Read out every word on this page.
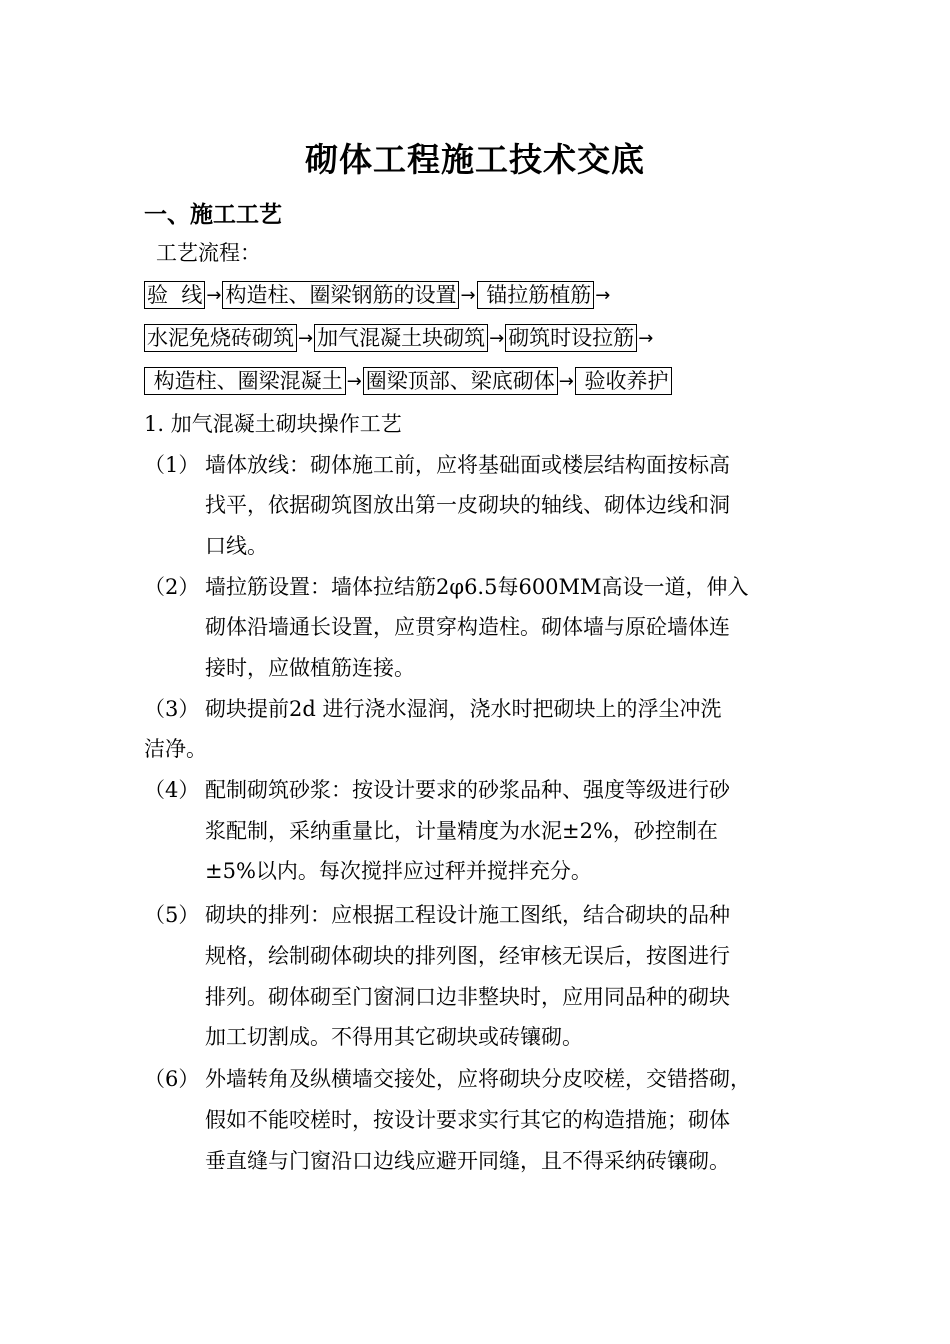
砌体工程施工技术交底
一、施工工艺
工艺流程：
验  线 → 构造柱、圈梁钢筋的设置 → 锚拉筋植筋 →
水泥免烧砖砌筑 → 加气混凝土块砌筑 → 砌筑时设拉筋 →
构造柱、圈梁混凝土 → 圈梁顶部、梁底砌体 → 验收养护
1. 加气混凝土砌块操作工艺
（1） 墙体放线：砌体施工前，应将基础面或楼层结构面按标高
找平，依据砌筑图放出第一皮砌块的轴线、砌体边线和洞
口线。
（2） 墙拉筋设置：墙体拉结筋2φ6.5每600MM高设一道，伸入
砌体沿墙通长设置，应贯穿构造柱。砌体墙与原砼墙体连
接时，应做植筋连接。
（3） 砌块提前2d 进行浇水湿润，浇水时把砌块上的浮尘冲洗
洁净。
（4） 配制砌筑砂浆：按设计要求的砂浆品种、强度等级进行砂
浆配制，采纳重量比，计量精度为水泥±2%，砂控制在
±5%以内。每次搅拌应过秤并搅拌充分。
（5） 砌块的排列：应根据工程设计施工图纸，结合砌块的品种
规格，绘制砌体砌块的排列图，经审核无误后，按图进行
排列。砌体砌至门窗洞口边非整块时，应用同品种的砌块
加工切割成。不得用其它砌块或砖镶砌。
（6） 外墙转角及纵横墙交接处，应将砌块分皮咬槎，交错搭砌，
假如不能咬槎时，按设计要求实行其它的构造措施；砌体
垂直缝与门窗沿口边线应避开同缝，且不得采纳砖镶砌。
